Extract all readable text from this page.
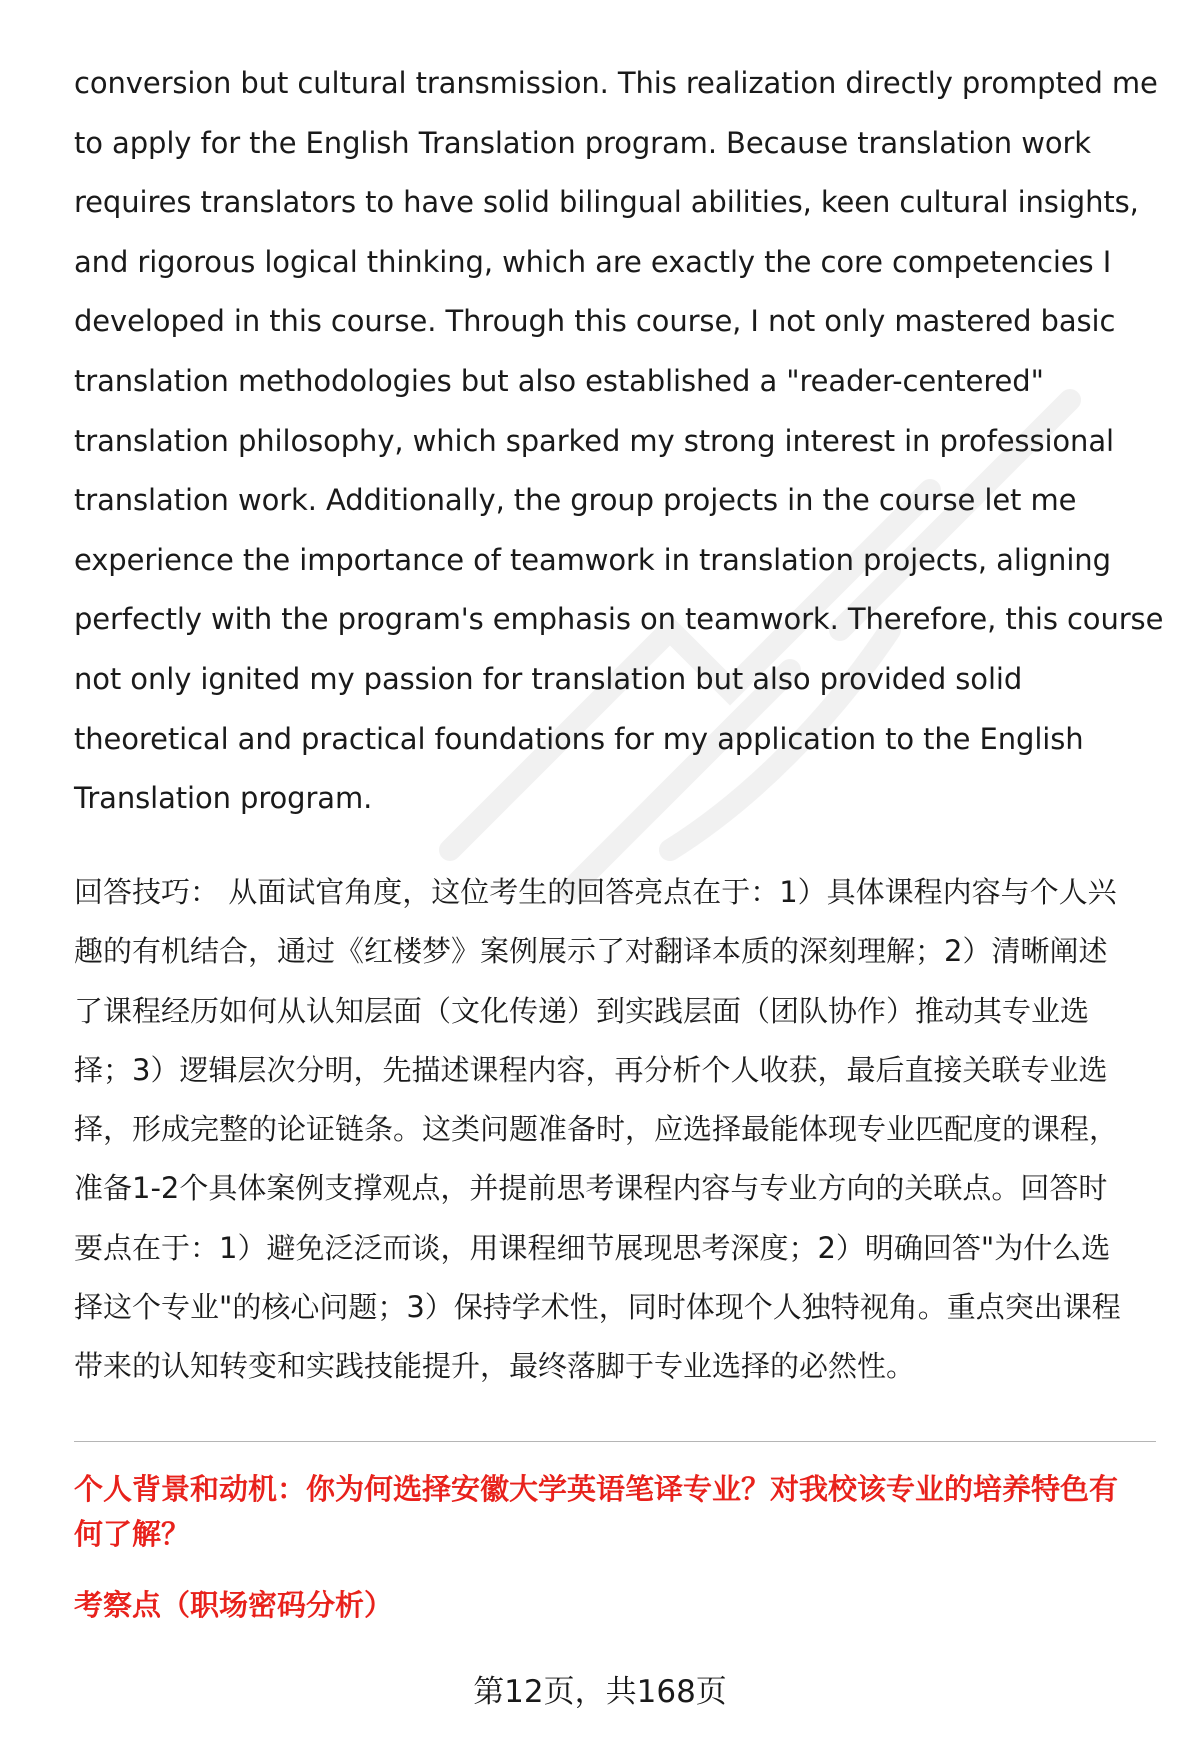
conversion but cultural transmission. This realization directly prompted me
to apply for the English Translation program. Because translation work
requires translators to have solid bilingual abilities, keen cultural insights,
and rigorous logical thinking, which are exactly the core competencies I
developed in this course. Through this course, I not only mastered basic
translation methodologies but also established a "reader-centered"
translation philosophy, which sparked my strong interest in professional
translation work. Additionally, the group projects in the course let me
experience the importance of teamwork in translation projects, aligning
perfectly with the program's emphasis on teamwork. Therefore, this course
not only ignited my passion for translation but also provided solid
theoretical and practical foundations for my application to the English
Translation program.
回答技巧： 从面试官角度，这位考生的回答亮点在于：1）具体课程内容与个人兴
趣的有机结合，通过《红楼梦》案例展示了对翻译本质的深刻理解；2）清晰阐述
了课程经历如何从认知层面（文化传递）到实践层面（团队协作）推动其专业选
择；3）逻辑层次分明，先描述课程内容，再分析个人收获，最后直接关联专业选
择，形成完整的论证链条。这类问题准备时，应选择最能体现专业匹配度的课程，
准备1-2个具体案例支撑观点，并提前思考课程内容与专业方向的关联点。回答时
要点在于：1）避免泛泛而谈，用课程细节展现思考深度；2）明确回答"为什么选
择这个专业"的核心问题；3）保持学术性，同时体现个人独特视角。重点突出课程
带来的认知转变和实践技能提升，最终落脚于专业选择的必然性。
个人背景和动机：你为何选择安徽大学英语笔译专业？对我校该专业的培养特色有
何了解？
考察点（职场密码分析）
第12页，共168页
